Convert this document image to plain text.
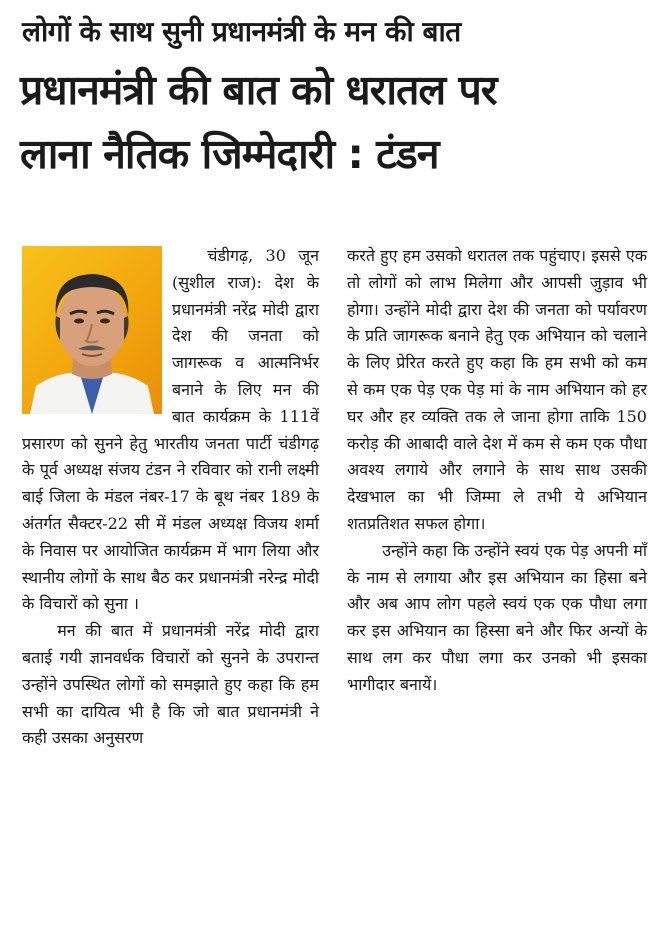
लोगों के साथ सुनी प्रधानमंत्री के मन की बात
प्रधानमंत्री की बात को धरातल पर
लाना नैतिक जिम्मेदारी : टंडन

चंडीगढ़, 30 जून (सुशील राज): देश के प्रधानमंत्री नरेंद्र मोदी द्वारा देश की जनता को जागरूक व आत्मनिर्भर बनाने के लिए मन की बात कार्यक्रम के 111वें प्रसारण को सुनने हेतु भारतीय जनता पार्टी चंडीगढ़ के पूर्व अध्यक्ष संजय टंडन ने रविवार को रानी लक्ष्मी बाई जिला के मंडल नंबर-17 के बूथ नंबर 189 के अंतर्गत सैक्टर-22 सी में मंडल अध्यक्ष विजय शर्मा के निवास पर आयोजित कार्यक्रम में भाग लिया और स्थानीय लोगों के साथ बैठ कर प्रधानमंत्री नरेन्द्र मोदी के विचारों को सुना ।

मन की बात में प्रधानमंत्री नरेंद्र मोदी द्वारा बताई गयी ज्ञानवर्धक विचारों को सुनने के उपरान्त उन्होंने उपस्थित लोगों को समझाते हुए कहा कि हम सभी का दायित्व भी है कि जो बात प्रधानमंत्री ने कही उसका अनुसरण

करते हुए हम उसको धरातल तक पहुंचाए। इससे एक तो लोगों को लाभ मिलेगा और आपसी जुड़ाव भी होगा। उन्होंने मोदी द्वारा देश की जनता को पर्यावरण के प्रति जागरूक बनाने हेतु एक अभियान को चलाने के लिए प्रेरित करते हुए कहा कि हम सभी को कम से कम एक पेड़ एक पेड़ मां के नाम अभियान को हर घर और हर व्यक्ति तक ले जाना होगा ताकि 150 करोड़ की आबादी वाले देश में कम से कम एक पौधा अवश्य लगाये और लगाने के साथ साथ उसकी देखभाल का भी जिम्मा ले तभी ये अभियान शतप्रतिशत सफल होगा।

उन्होंने कहा कि उन्होंने स्वयं एक पेड़ अपनी माँ के नाम से लगाया और इस अभियान का हिसा बने और अब आप लोग पहले स्वयं एक एक पौधा लगा कर इस अभियान का हिस्सा बने और फिर अन्यों के साथ लग कर पौधा लगा कर उनको भी इसका भागीदार बनायें।
